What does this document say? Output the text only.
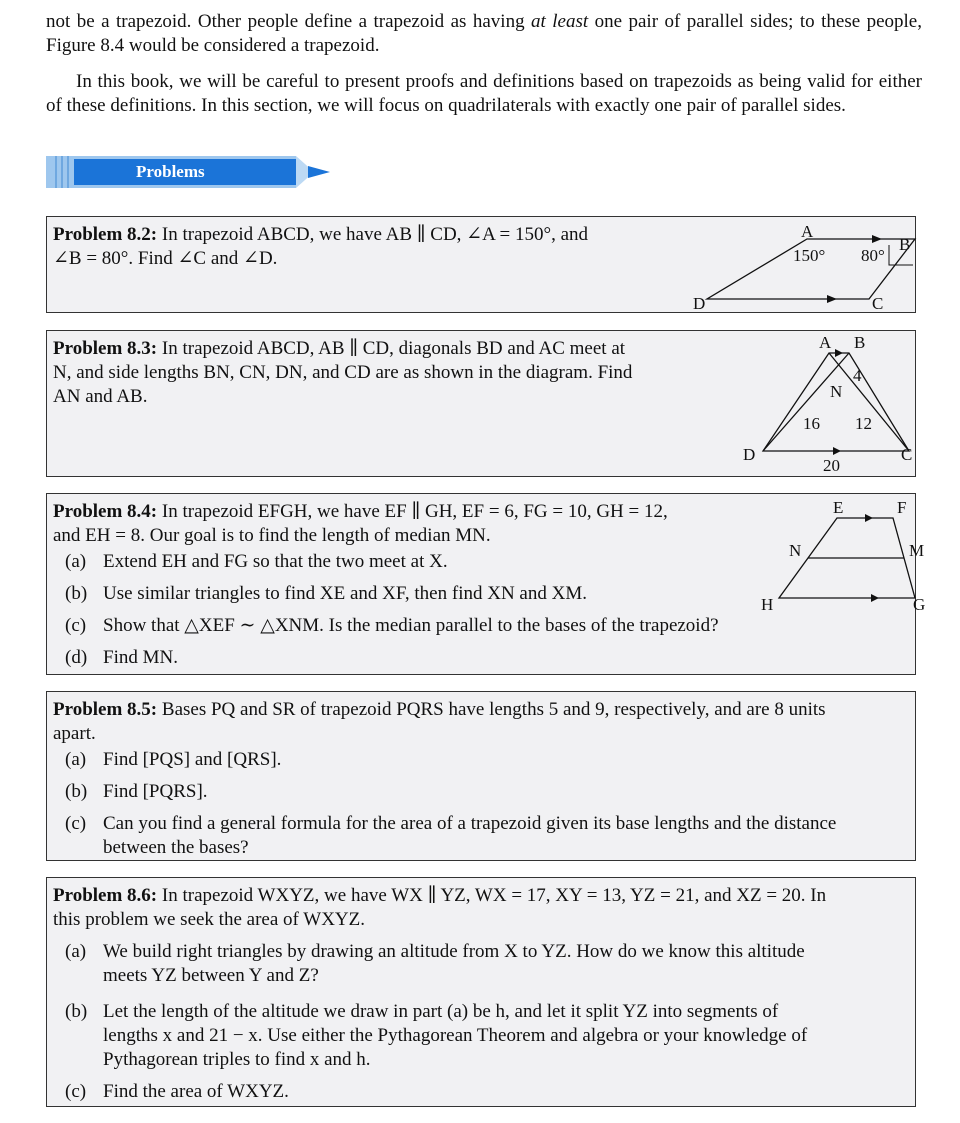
not be a trapezoid. Other people define a trapezoid as having at least one pair of parallel sides; to these people, Figure 8.4 would be considered a trapezoid.

In this book, we will be careful to present proofs and definitions based on trapezoids as being valid for either of these definitions. In this section, we will focus on quadrilaterals with exactly one pair of parallel sides.

Problems

Problem 8.2: In trapezoid ABCD, we have AB ∥ CD, ∠A = 150°, and

∠B = 80°. Find ∠C and ∠D.

A
B
C
D
150° 80°

Problem 8.3: In trapezoid ABCD, AB ∥ CD, diagonals BD and AC meet at

N, and side lengths BN, CN, DN, and CD are as shown in the diagram. Find

AN and AB.

A B
C
D
N
4
16 12
20

Problem 8.4: In trapezoid EFGH, we have EF ∥ GH, EF = 6, FG = 10, GH = 12,

and EH = 8. Our goal is to find the length of median MN.

(a) Extend EH and FG so that the two meet at X.

(b) Use similar triangles to find XE and XF, then find XN and XM.

(c) Show that △XEF ∼ △XNM. Is the median parallel to the bases of the trapezoid?

(d) Find MN.

E	F
G
H
M
N

Problem 8.5: Bases PQ and SR of trapezoid PQRS have lengths 5 and 9, respectively, and are 8 units

apart.

(a) Find [PQS] and [QRS].

(b) Find [PQRS].

(c) Can you find a general formula for the area of a trapezoid given its base lengths and the distance
between the bases?

Problem 8.6: In trapezoid WXYZ, we have WX ∥ YZ, WX = 17, XY = 13, YZ = 21, and XZ = 20. In

this problem we seek the area of WXYZ.

(a) We build right triangles by drawing an altitude from X to YZ. How do we know this altitude
meets YZ between Y and Z?

(b) Let the length of the altitude we draw in part (a) be h, and let it split YZ into segments of
lengths x and 21 − x. Use either the Pythagorean Theorem and algebra or your knowledge of
Pythagorean triples to find x and h.

(c) Find the area of WXYZ.
